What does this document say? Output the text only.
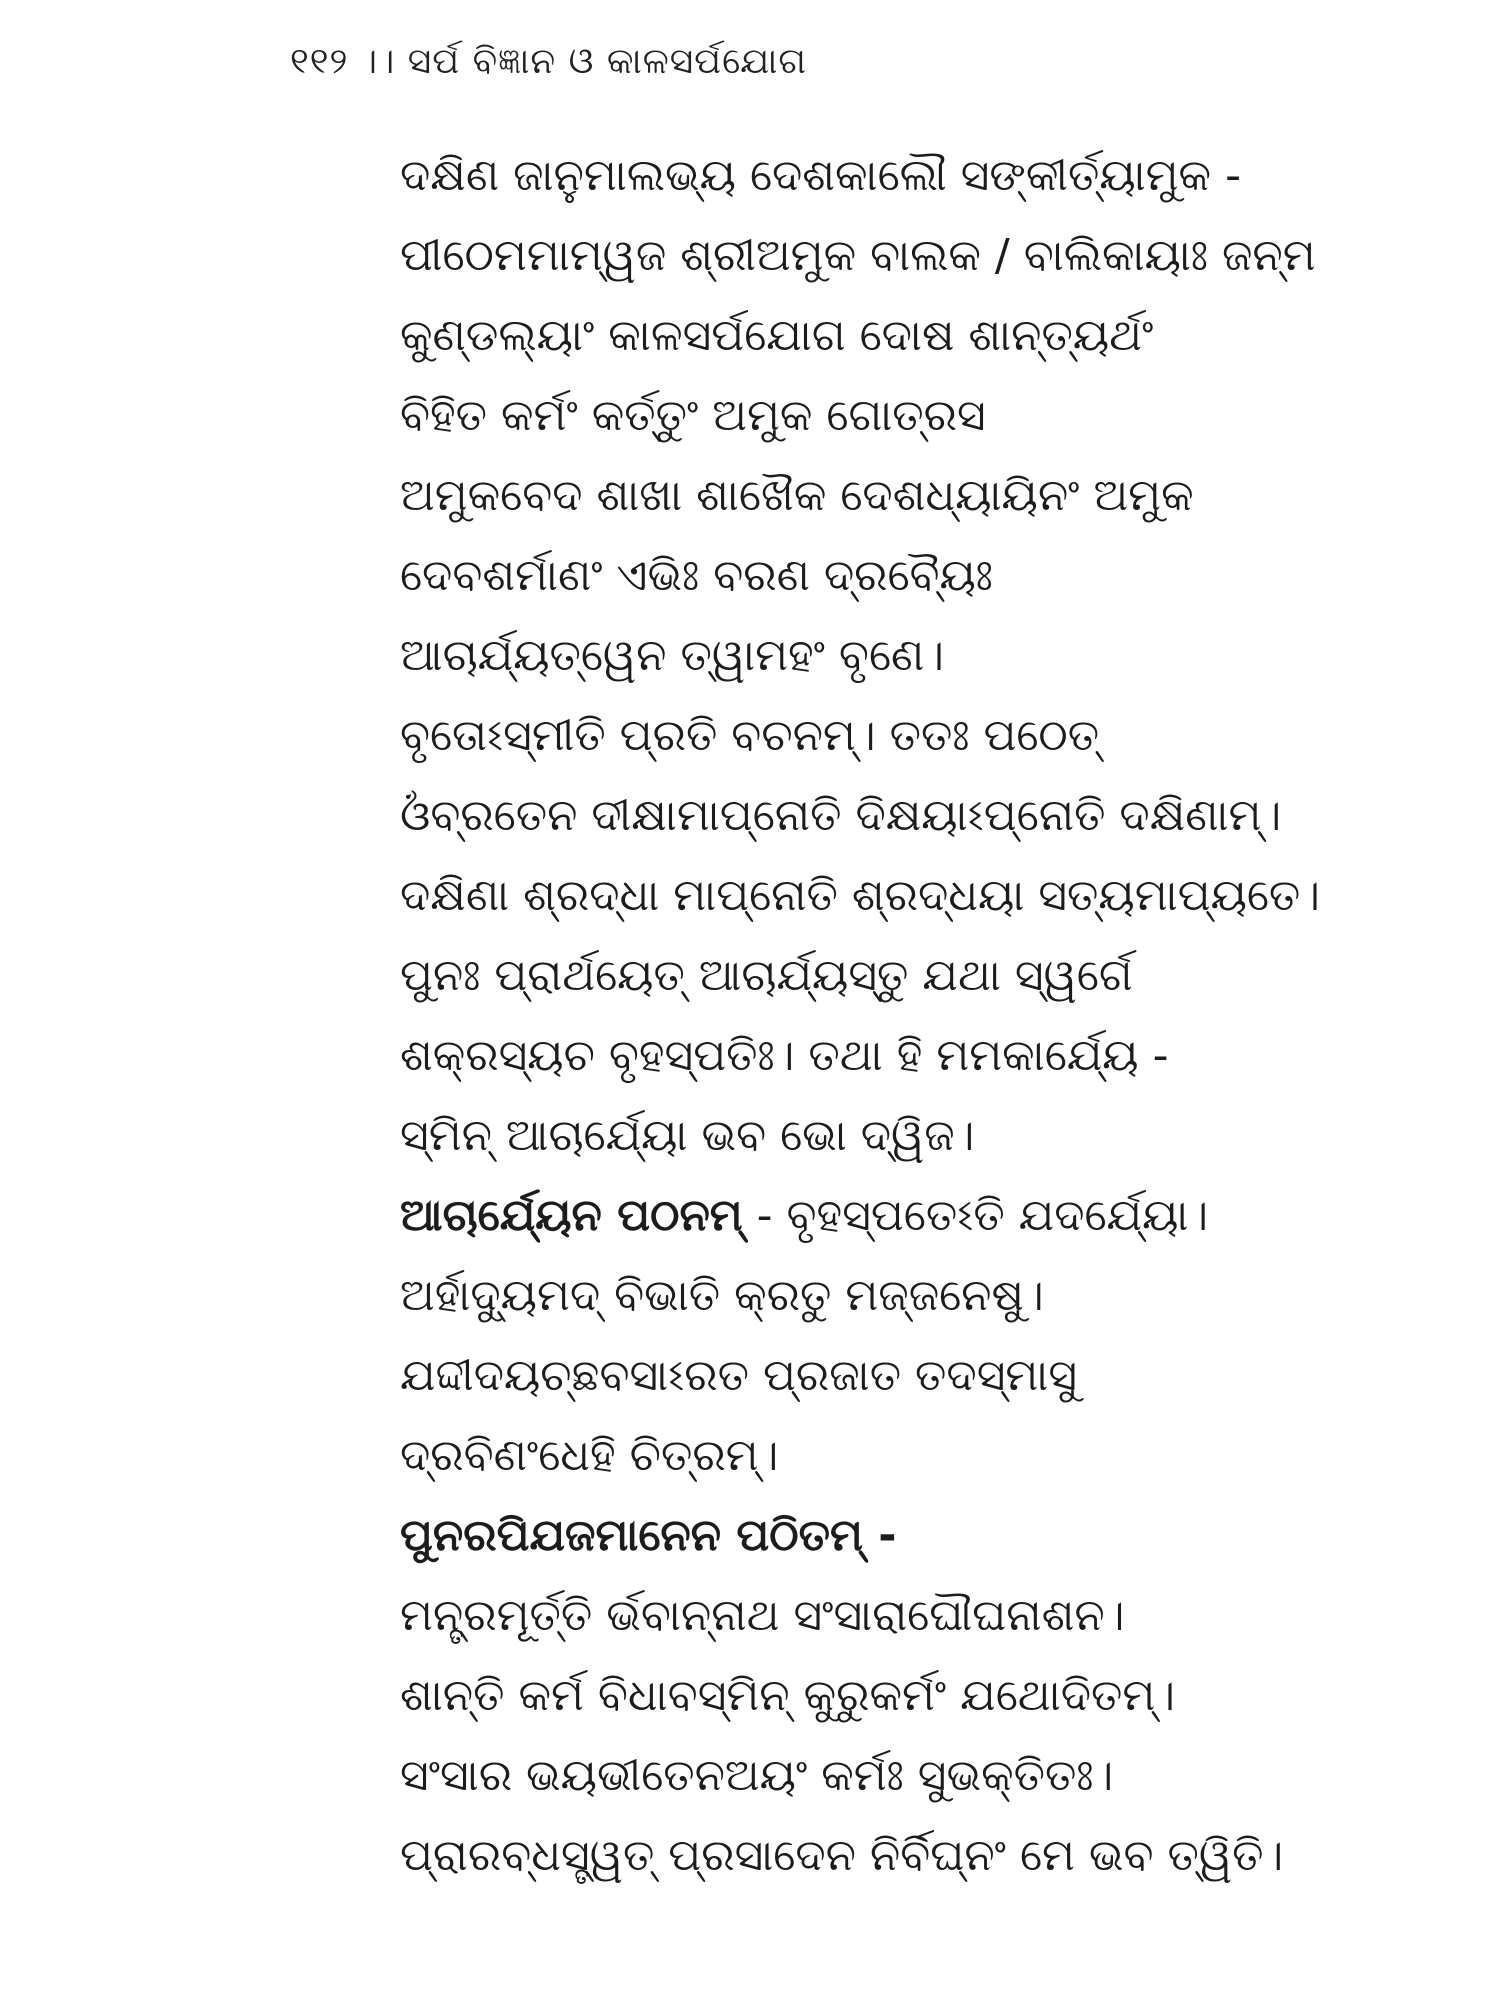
୧୧୨ ।। ସର୍ପ ବିଜ୍ଞାନ ଓ କାଳସର୍ପଯୋଗ
ଦକ୍ଷିଣ ଜାନୁମାଲଭ୍ୟ ଦେଶକାଲୌ ସଙ୍କୀର୍ତ୍ୟାମୁକ -
ପୀଠେମମାମ୍ୱଜ ଶ୍ରୀଅମୁକ ବାଲକ / ବାଲିକାୟାଃ ଜନ୍ମ
କୁଣ୍ଡଲ୍ୟାଂ କାଳସର୍ପଯୋଗ ଦୋଷ ଶାନ୍ତ୍ୟର୍ଥଂ
ବିହିତ କର୍ମଂ କର୍ତ୍ତୁଂ ଅମୁକ ଗୋତ୍ରସ
ଅମୁକବେଦ ଶାଖା ଶାଖୈକ ଦେଶଧ୍ୟାୟିନଂ ଅମୁକ
ଦେବଶର୍ମାଣଂ ଏଭିଃ ବରଣ ଦ୍ରବ୍ୟୈଃ
ଆଚାର୍ଯ୍ୟତ୍ୱେନ ତ୍ୱାମହଂ ବୃଣେ।
ବୃତୋଽସ୍ମୀତି ପ୍ରତି ବଚନମ୍। ତତଃ ପଠେତ୍
ଓଁବ୍ରତେନ ଦୀକ୍ଷାମାପ୍ନୋତି ଦିକ୍ଷୟାଽପ୍ନୋତି ଦକ୍ଷିଣାମ୍।
ଦକ୍ଷିଣା ଶ୍ରଦ୍ଧା ମାପ୍ନୋତି ଶ୍ରଦ୍ଧୟା ସତ୍ୟମାପ୍ୟତେ।
ପୁନଃ ପ୍ରାର୍ଥୟେତ୍ ଆଚାର୍ଯ୍ୟସ୍ତୁ ଯଥା ସ୍ୱର୍ଗେ
ଶକ୍ରସ୍ୟଚ ବୃହସ୍ପତିଃ। ତଥା ହି ମମକାର୍ଯ୍ୟେ -
ସ୍ମିନ୍ ଆଚାର୍ଯ୍ୟୋ ଭବ ଭୋ ଦ୍ୱିଜ।
ଆଚାର୍ଯ୍ୟେନ ପଠନମ୍ - ବୃହସ୍ପତେଽତି ଯଦର୍ଯ୍ୟୋ।
ଅର୍ହାଦ୍ୟୁମଦ୍ ବିଭାତି କ୍ରତୁ ମଜ୍ଜନେଷୁ।
ଯଦ୍ଦୀଦୟଚ୍ଛବସାଽରତ ପ୍ରଜାତ ତଦସ୍ମାସୁ
ଦ୍ରବିଣଂଧେହି ଚିତ୍ରମ୍।
ପୁନରପିଯଜମାନେନ ପଠିତମ୍ -
ମନ୍ତ୍ରମୂର୍ତ୍ତି ର୍ଭବାନ୍ନାଥ ସଂସାରାଘୌଘନାଶନ।
ଶାନ୍ତି କର୍ମ ବିଧାବସ୍ମିନ୍ କୁରୁକର୍ମଂ ଯଥୋଦିତମ୍।
ସଂସାର ଭୟଭୀତେନଅୟଂ କର୍ମଃ ସୁଭକ୍ତିତଃ।
ପ୍ରାରବ୍ଧସ୍ତ୍ୱତ୍ ପ୍ରସାଦେନ ନିର୍ବିଘ୍ନଂ ମେ ଭବ ତ୍ୱିତି।
